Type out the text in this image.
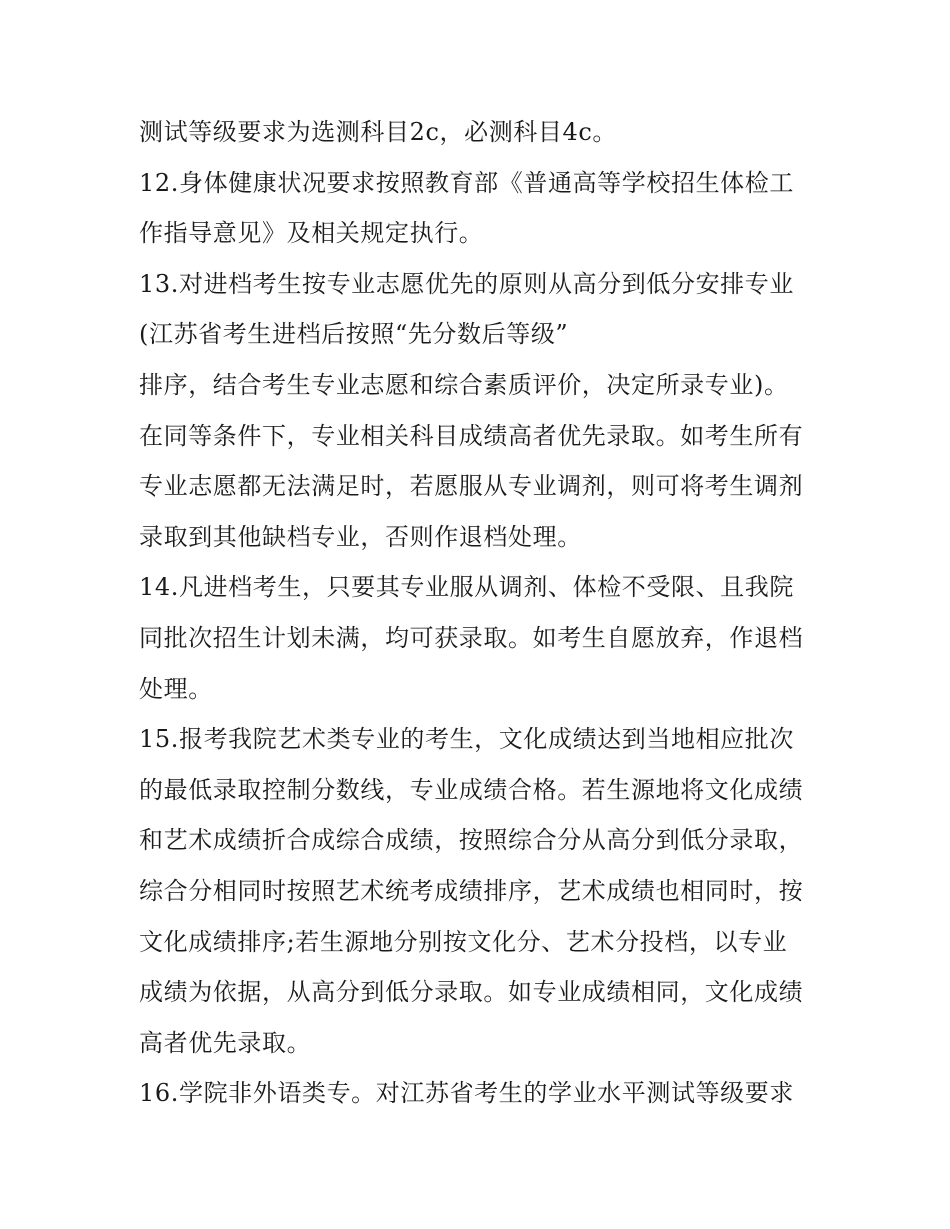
测试等级要求为选测科目2c，必测科目4c。
12.身体健康状况要求按照教育部《普通高等学校招生体检工
作指导意见》及相关规定执行。
13.对进档考生按专业志愿优先的原则从高分到低分安排专业
(江苏省考生进档后按照“先分数后等级”
排序，结合考生专业志愿和综合素质评价，决定所录专业)。
在同等条件下，专业相关科目成绩高者优先录取。如考生所有
专业志愿都无法满足时，若愿服从专业调剂，则可将考生调剂
录取到其他缺档专业，否则作退档处理。
14.凡进档考生，只要其专业服从调剂、体检不受限、且我院
同批次招生计划未满，均可获录取。如考生自愿放弃，作退档
处理。
15.报考我院艺术类专业的考生，文化成绩达到当地相应批次
的最低录取控制分数线，专业成绩合格。若生源地将文化成绩
和艺术成绩折合成综合成绩，按照综合分从高分到低分录取，
综合分相同时按照艺术统考成绩排序，艺术成绩也相同时，按
文化成绩排序;若生源地分别按文化分、艺术分投档，以专业
成绩为依据，从高分到低分录取。如专业成绩相同，文化成绩
高者优先录取。
16.学院非外语类专。对江苏省考生的学业水平测试等级要求
